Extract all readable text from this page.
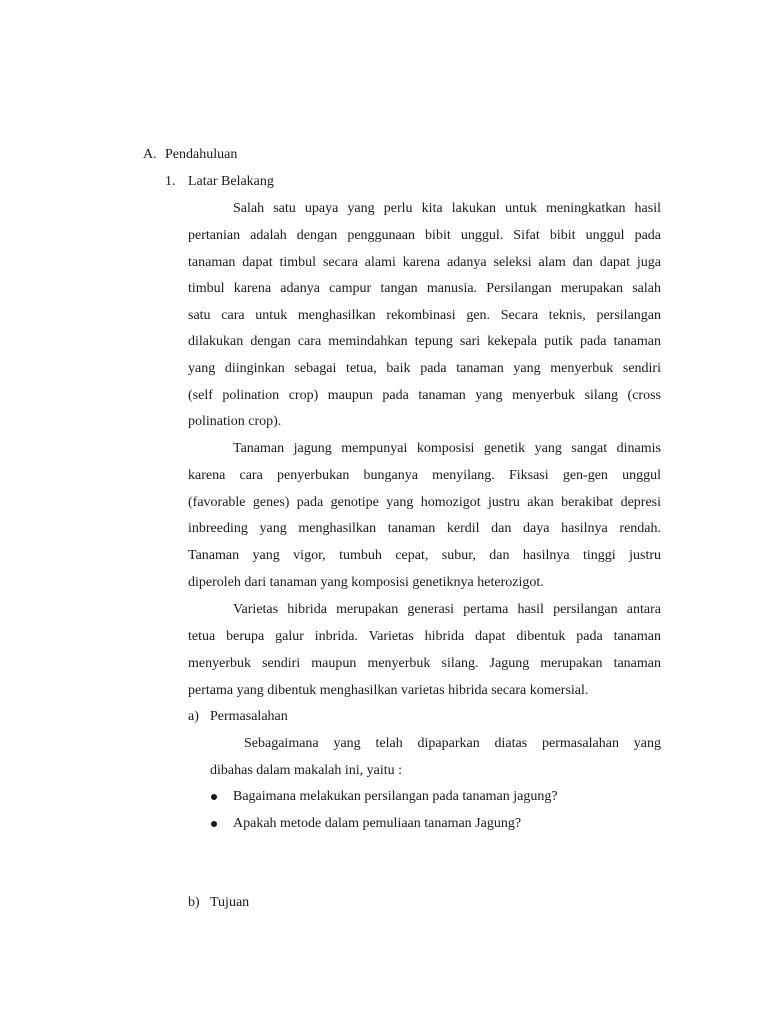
A. Pendahuluan
1. Latar Belakang
Salah satu upaya yang perlu kita lakukan untuk meningkatkan hasil
pertanian adalah dengan penggunaan bibit unggul. Sifat bibit unggul pada
tanaman dapat timbul secara alami karena adanya seleksi alam dan dapat juga
timbul karena adanya campur tangan manusia. Persilangan merupakan salah
satu cara untuk menghasilkan rekombinasi gen. Secara teknis, persilangan
dilakukan dengan cara memindahkan tepung sari kekepala putik pada tanaman
yang diinginkan sebagai tetua, baik pada tanaman yang menyerbuk sendiri
(self polination crop) maupun pada tanaman yang menyerbuk silang (cross
polination crop).
Tanaman jagung mempunyai komposisi genetik yang sangat dinamis
karena cara penyerbukan bunganya menyilang. Fiksasi gen-gen unggul
(favorable genes) pada genotipe yang homozigot justru akan berakibat depresi
inbreeding yang menghasilkan tanaman kerdil dan daya hasilnya rendah.
Tanaman yang vigor, tumbuh cepat, subur, dan hasilnya tinggi justru
diperoleh dari tanaman yang komposisi genetiknya heterozigot.
Varietas hibrida merupakan generasi pertama hasil persilangan antara
tetua berupa galur inbrida. Varietas hibrida dapat dibentuk pada tanaman
menyerbuk sendiri maupun menyerbuk silang. Jagung merupakan tanaman
pertama yang dibentuk menghasilkan varietas hibrida secara komersial.
a) Permasalahan
Sebagaimana yang telah dipaparkan diatas permasalahan yang
dibahas dalam makalah ini, yaitu :
Bagaimana melakukan persilangan pada tanaman jagung?
Apakah metode dalam pemuliaan tanaman Jagung?
b) Tujuan
